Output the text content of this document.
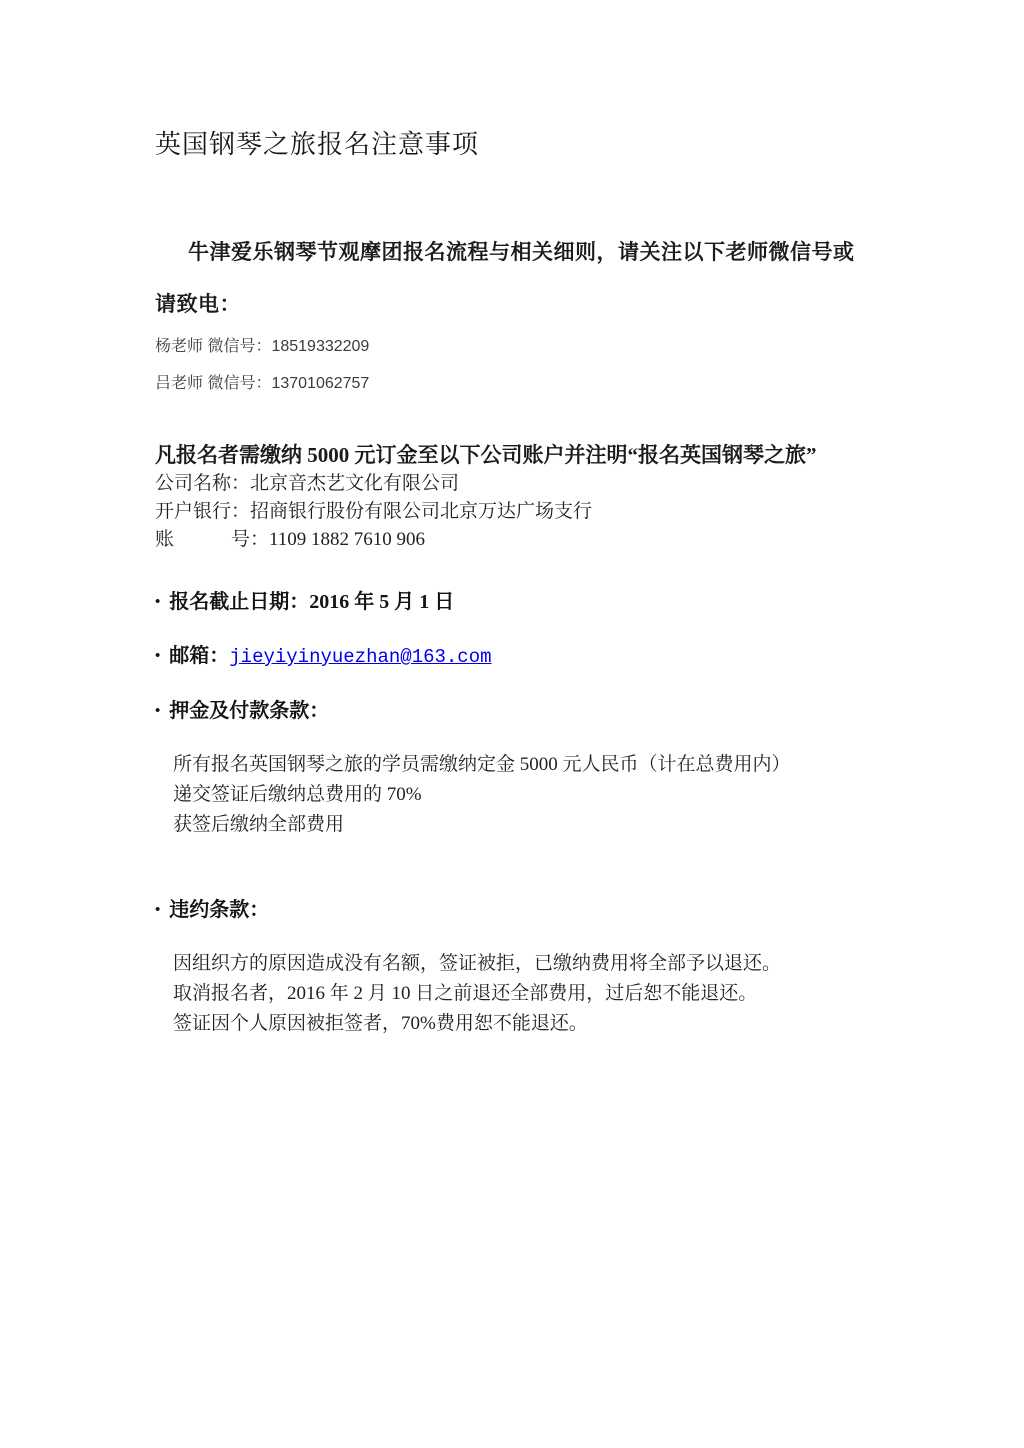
英国钢琴之旅报名注意事项
牛津爱乐钢琴节观摩团报名流程与相关细则，请关注以下老师微信号或请致电：
杨老师 微信号：18519332209
吕老师 微信号：13701062757
凡报名者需缴纳 5000 元订金至以下公司账户并注明“报名英国钢琴之旅”
公司名称：北京音杰艺文化有限公司
开户银行：招商银行股份有限公司北京万达广场支行
账　　　号：1109 1882 7610 906
• 报名截止日期：2016 年 5 月 1 日
• 邮箱：jieyiyinyuezhan@163.com
• 押金及付款条款：
所有报名英国钢琴之旅的学员需缴纳定金 5000 元人民币（计在总费用内）
递交签证后缴纳总费用的 70%
获签后缴纳全部费用
• 违约条款：
因组织方的原因造成没有名额，签证被拒，已缴纳费用将全部予以退还。
取消报名者，2016 年 2 月 10 日之前退还全部费用，过后恕不能退还。
签证因个人原因被拒签者，70%费用恕不能退还。
